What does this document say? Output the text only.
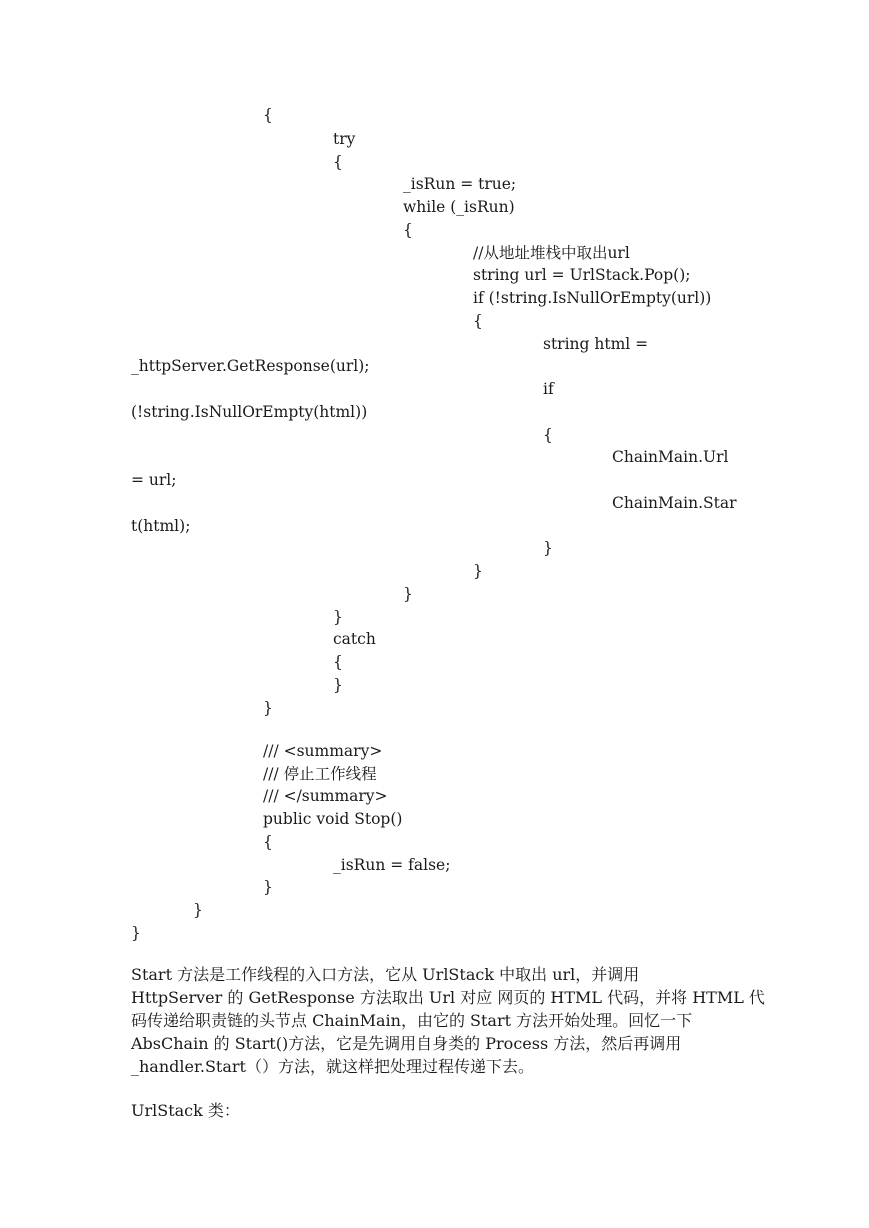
{
try
{
_isRun = true;
while (_isRun)
{
//从地址堆栈中取出url
string url = UrlStack.Pop();
if (!string.IsNullOrEmpty(url))
{
string html =
_httpServer.GetResponse(url);
if
(!string.IsNullOrEmpty(html))
{
ChainMain.Url
= url;
ChainMain.Star
t(html);
}
}
}
}
catch
{
}
}
/// <summary>
/// 停止工作线程
/// </summary>
public void Stop()
{
_isRun = false;
}
}
}
Start 方法是工作线程的入口方法，它从 UrlStack 中取出 url，并调用
HttpServer 的 GetResponse 方法取出 Url 对应 网页的 HTML 代码，并将 HTML 代
码传递给职责链的头节点 ChainMain，由它的 Start 方法开始处理。回忆一下
AbsChain 的 Start()方法，它是先调用自身类的 Process 方法，然后再调用
_handler.Start（）方法，就这样把处理过程传递下去。
UrlStack 类：
